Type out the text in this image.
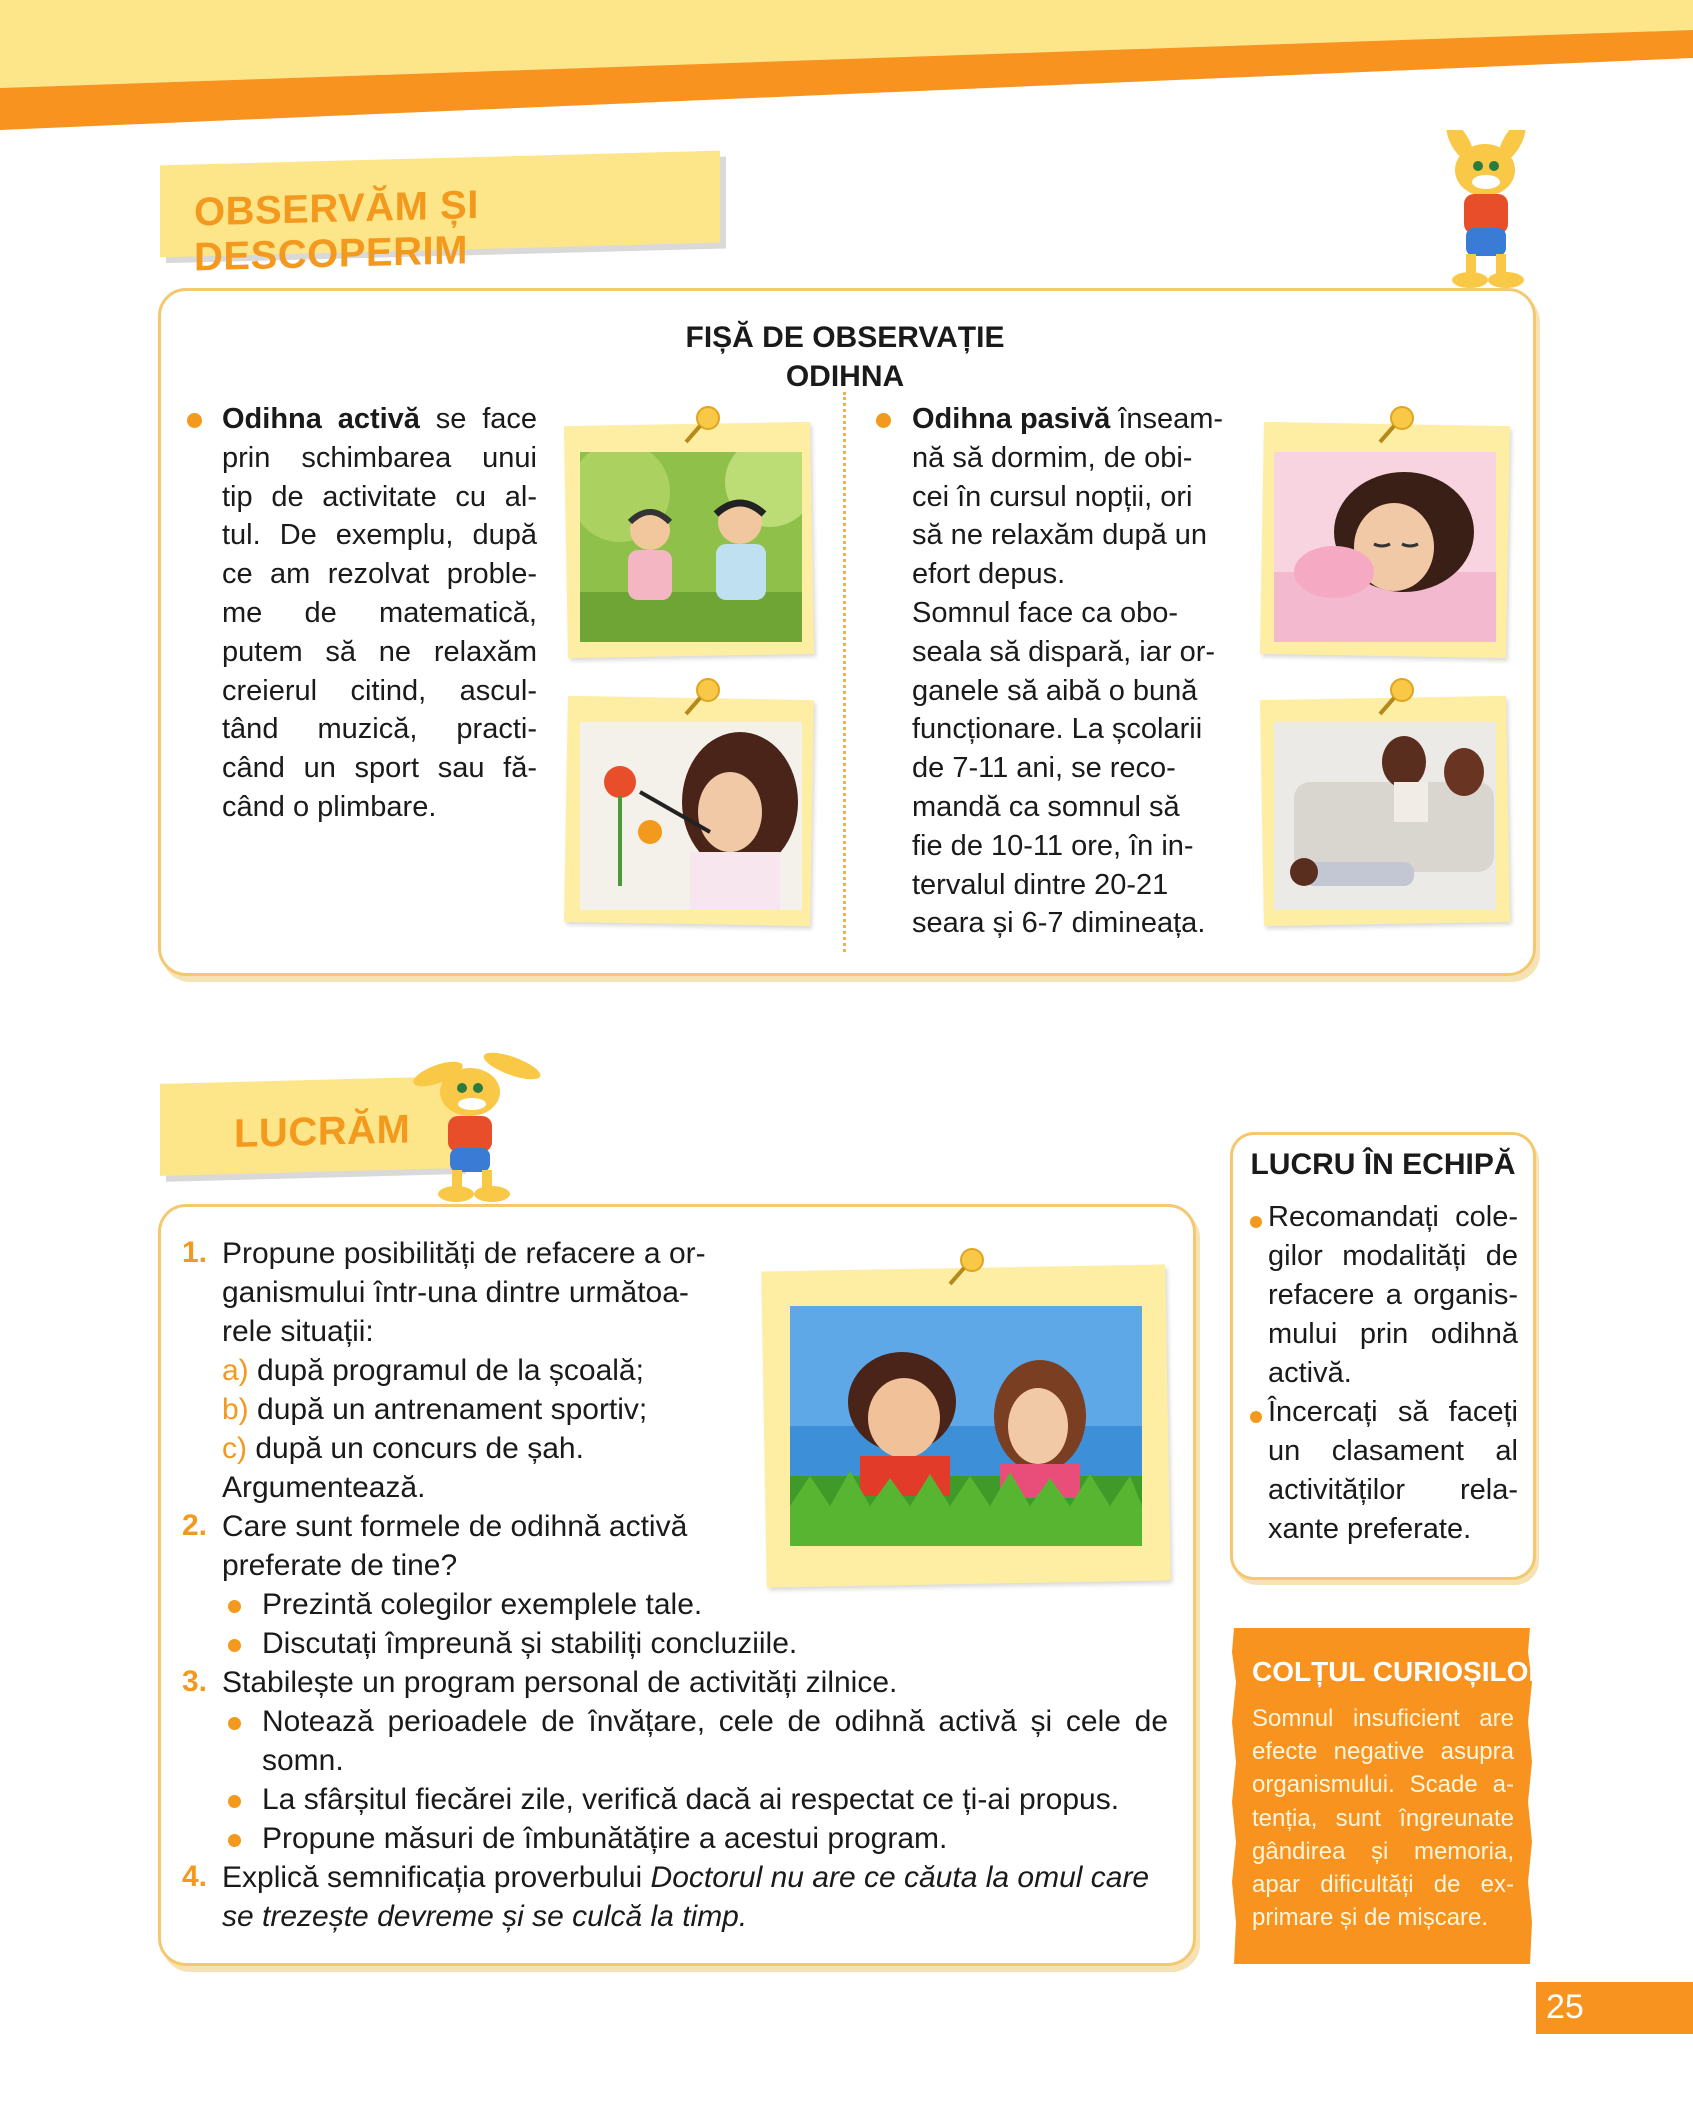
OBSERVĂM ȘI DESCOPERIM
FIȘĂ DE OBSERVAȚIE
ODIHNA
Odihna activă se face
prin schimbarea unui
tip de activitate cu al-
tul. De exemplu, după
ce am rezolvat proble-
me de matematică,
putem să ne relaxăm
creierul citind, ascul-
tând muzică, practi-
când un sport sau fă-
când o plimbare.
Odihna pasivă înseam-
nă să dormim, de obi-
cei în cursul nopții, ori
să ne relaxăm după un
efort depus.
Somnul face ca obo-
seala să dispară, iar or-
ganele să aibă o bună
funcționare. La școlarii
de 7-11 ani, se reco-
mandă ca somnul să
fie de 10-11 ore, în in-
tervalul dintre 20-21
seara și 6-7 dimineața.
LUCRĂM
1. Propune posibilități de refacere a or-
ganismului într-una dintre următoa-
rele situații:
a) după programul de la școală;
b) după un antrenament sportiv;
c) după un concurs de șah.
Argumentează.
2. Care sunt formele de odihnă activă
preferate de tine?
Prezintă colegilor exemplele tale.
Discutați împreună și stabiliți concluziile.
3. Stabilește un program personal de activități zilnice.
Notează perioadele de învățare, cele de odihnă activă și cele de
somn.
La sfârșitul fiecărei zile, verifică dacă ai respectat ce ți-ai propus.
Propune măsuri de îmbunătățire a acestui program.
4. Explică semnificația proverbului Doctorul nu are ce căuta la omul care
se trezește devreme și se culcă la timp.
LUCRU ÎN ECHIPĂ
Recomandați cole-
gilor modalități de
refacere a organis-
mului prin odihnă
activă.
Încercați să faceți
un clasament al
activităților rela-
xante preferate.
COLȚUL CURIOȘILOR
Somnul insuficient are
efecte negative asupra
organismului. Scade a-
tenția, sunt îngreunate
gândirea și memoria,
apar dificultăți de ex-
primare și de mișcare.
25
